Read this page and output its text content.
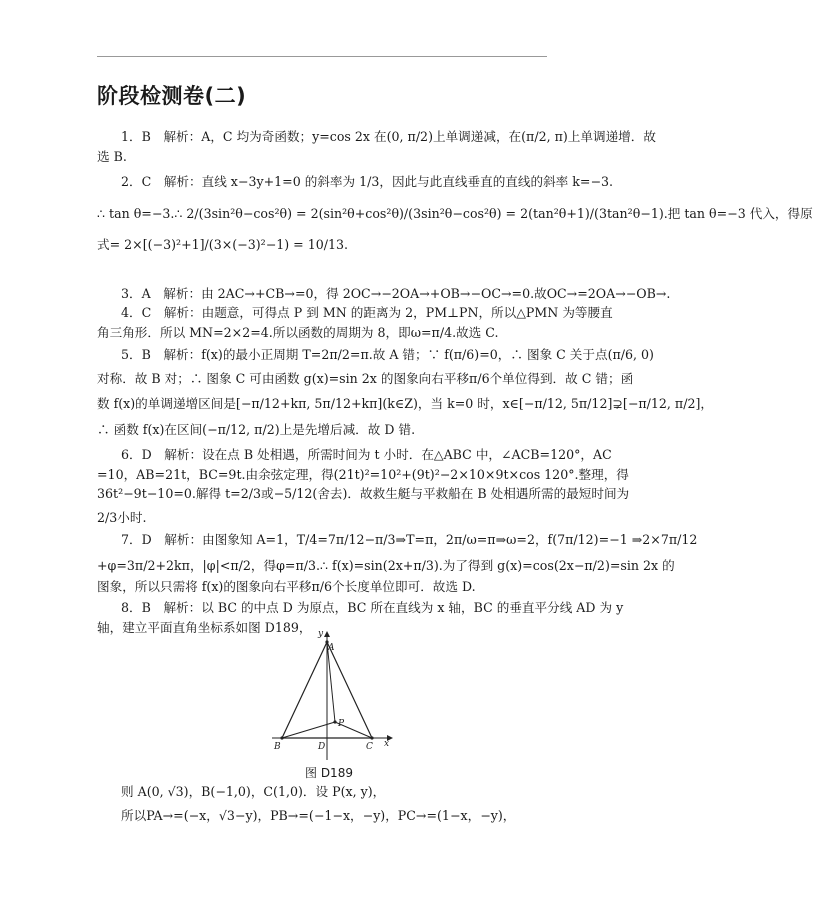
阶段检测卷(二)
1．B　解析：A，C 均为奇函数；y=cos 2x 在(0, π/2)上单调递减，在(π/2, π)上单调递增．故
选 B.
2．C　解析：直线 x−3y+1=0 的斜率为 1/3，因此与此直线垂直的直线的斜率 k=−3.
∴ tan θ=−3.∴ 2/(3sin²θ−cos²θ) = 2(sin²θ+cos²θ)/(3sin²θ−cos²θ) = 2(tan²θ+1)/(3tan²θ−1).把 tan θ=−3 代入，得原
式= 2×[(−3)²+1]/(3×(−3)²−1) = 10/13.
3．A　解析：由 2AC→+CB→=0，得 2OC→−2OA→+OB→−OC→=0.故OC→=2OA→−OB→.
4．C　解析：由题意，可得点 P 到 MN 的距离为 2，PM⊥PN，所以△PMN 为等腰直
角三角形．所以 MN=2×2=4.所以函数的周期为 8，即ω=π/4.故选 C.
5．B　解析：f(x)的最小正周期 T=2π/2=π.故 A 错；∵ f(π/6)=0，∴ 图象 C 关于点(π/6, 0)
对称．故 B 对；∴ 图象 C 可由函数 g(x)=sin 2x 的图象向右平移π/6个单位得到．故 C 错；函
数 f(x)的单调递增区间是[−π/12+kπ, 5π/12+kπ](k∈Z)，当 k=0 时，x∈[−π/12, 5π/12]⊋[−π/12, π/2]，
∴ 函数 f(x)在区间(−π/12, π/2)上是先增后减．故 D 错.
6．D　解析：设在点 B 处相遇，所需时间为 t 小时．在△ABC 中，∠ACB=120°，AC
=10，AB=21t，BC=9t.由余弦定理，得(21t)²=10²+(9t)²−2×10×9t×cos 120°.整理，得
36t²−9t−10=0.解得 t=2/3或−5/12(舍去)．故救生艇与平救船在 B 处相遇所需的最短时间为
2/3小时.
7．D　解析：由图象知 A=1，T/4=7π/12−π/3⇒T=π，2π/ω=π⇒ω=2，f(7π/12)=−1 ⇒2×7π/12
+φ=3π/2+2kπ，|φ|<π/2，得φ=π/3.∴ f(x)=sin(2x+π/3).为了得到 g(x)=cos(2x−π/2)=sin 2x 的
图象，所以只需将 f(x)的图象向右平移π/6个长度单位即可．故选 D.
8．B　解析：以 BC 的中点 D 为原点，BC 所在直线为 x 轴，BC 的垂直平分线 AD 为 y
轴，建立平面直角坐标系如图 D189， y
A
P
B	D	C x
图 D189
则 A(0, √3)，B(−1,0)，C(1,0)．设 P(x, y)，
所以PA→=(−x，√3−y)，PB→=(−1−x，−y)，PC→=(1−x，−y)，
